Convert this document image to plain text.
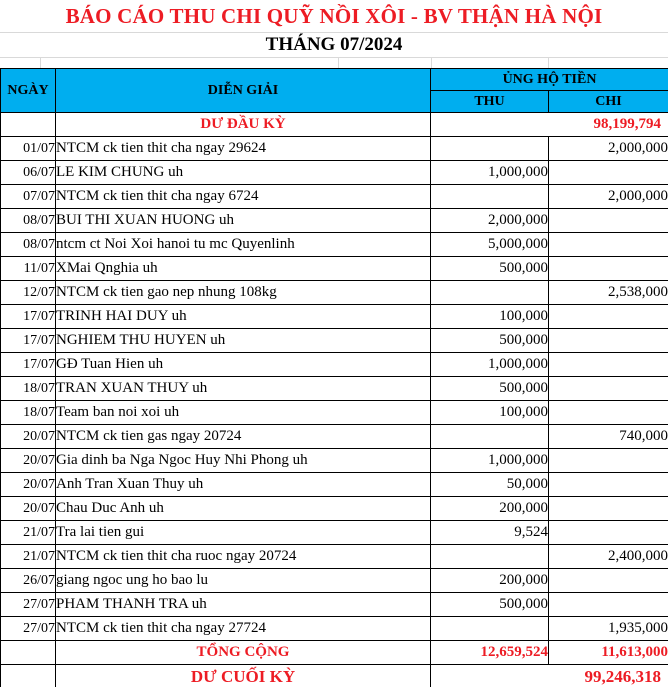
BÁO CÁO THU CHI QUỸ NỒI XÔI - BV THẬN HÀ NỘI
THÁNG 07/2024
NGÀY	DIỄN GIẢI	ỦNG HỘ TIỀN	
		THU	CHI
	DƯ ĐẦU KỲ	98,199,794	
01/07	NTCM ck tien thit cha ngay 29624		2,000,000
06/07	LE KIM CHUNG uh	1,000,000	
07/07	NTCM ck tien thit cha ngay 6724		2,000,000
08/07	BUI THI XUAN HUONG uh	2,000,000	
08/07	ntcm ct Noi Xoi hanoi tu mc Quyenlinh	5,000,000	
11/07	XMai Qnghia uh	500,000	
12/07	NTCM ck tien gao nep nhung 108kg		2,538,000
17/07	TRINH HAI DUY uh	100,000	
17/07	NGHIEM THU HUYEN uh	500,000	
17/07	GĐ Tuan Hien uh	1,000,000	
18/07	TRAN XUAN THUY uh	500,000	
18/07	Team ban noi xoi uh	100,000	
20/07	NTCM ck tien gas ngay 20724		740,000
20/07	Gia dinh ba Nga Ngoc Huy Nhi Phong uh	1,000,000	
20/07	Anh Tran Xuan Thuy uh	50,000	
20/07	Chau Duc Anh uh	200,000	
21/07	Tra lai tien gui	9,524	
21/07	NTCM ck tien thit cha ruoc ngay 20724		2,400,000
26/07	giang ngoc ung ho bao lu	200,000	
27/07	PHAM THANH TRA uh	500,000	
27/07	NTCM ck tien thit cha ngay 27724		1,935,000
	TỔNG CỘNG	12,659,524	11,613,000
	DƯ CUỐI KỲ	99,246,318	
